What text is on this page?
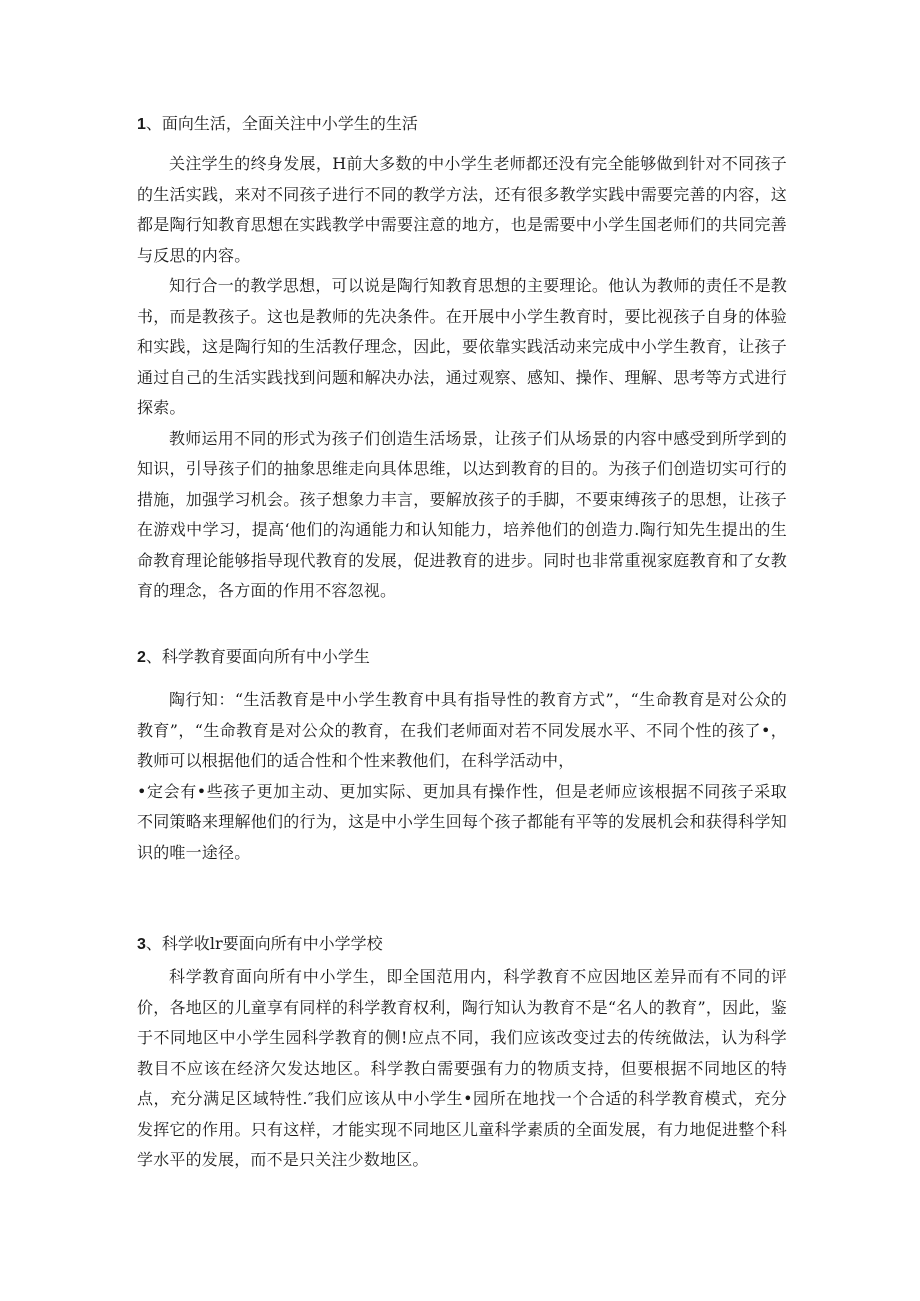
1、面向生活，全面关注中小学生的生活

关注学生的终身发展，H前大多数的中小学生老师都还没有完全能够做到针对不同孩子的生活实践，来对不同孩子进行不同的教学方法，还有很多教学实践中需要完善的内容，这都是陶行知教育思想在实践教学中需要注意的地方，也是需要中小学生国老师们的共同完善与反思的内容。

知行合一的教学思想，可以说是陶行知教育思想的主要理论。他认为教师的责任不是教书，而是教孩子。这也是教师的先决条件。在开展中小学生教育时，要比视孩子自身的体验和实践，这是陶行知的生活教仔理念，因此，要依靠实践活动来完成中小学生教育，让孩子通过自己的生活实践找到问题和解决办法，通过观察、感知、操作、理解、思考等方式进行探索。

教师运用不同的形式为孩子们创造生活场景，让孩子们从场景的内容中感受到所学到的知识，引导孩子们的抽象思维走向具体思维，以达到教育的目的。为孩子们创造切实可行的措施，加强学习机会。孩子想象力丰言，要解放孩子的手脚，不要束缚孩子的思想，让孩子在游戏中学习，提高‘他们的沟通能力和认知能力，培养他们的创造力.陶行知先生提出的生命教育理论能够指导现代教育的发展，促进教育的进步。同时也非常重视家庭教育和了女教育的理念，各方面的作用不容忽视。

2、科学教育要面向所有中小学生

陶行知：“生活教育是中小学生教育中具有指导性的教育方式”，“生命教育是对公众的教育”，“生命教育是对公众的教育，在我们老师面对若不同发展水平、不同个性的孩了•，教师可以根据他们的适合性和个性来教他们，在科学活动中，

•定会有•些孩子更加主动、更加实际、更加具有操作性，但是老师应该根据不同孩子采取不同策略来理解他们的行为，这是中小学生回每个孩子都能有平等的发展机会和获得科学知识的唯一途径。

3、科学收lr要面向所有中小学学校

科学教育面向所有中小学生，即全国范用内，科学教育不应因地区差异而有不同的评价，各地区的儿童享有同样的科学教育权利，陶行知认为教育不是“名人的教育”，因此，鉴于不同地区中小学生园科学教育的侧!应点不同，我们应该改变过去的传统做法，认为科学教目不应该在经济欠发达地区。科学教白需要强有力的物质支持，但要根据不同地区的特点，充分满足区域特性.″我们应该从中小学生•园所在地找一个合适的科学教育模式，充分发挥它的作用。只有这样，才能实现不同地区儿童科学素质的全面发展，有力地促进整个科学水平的发展，而不是只关注少数地区。
